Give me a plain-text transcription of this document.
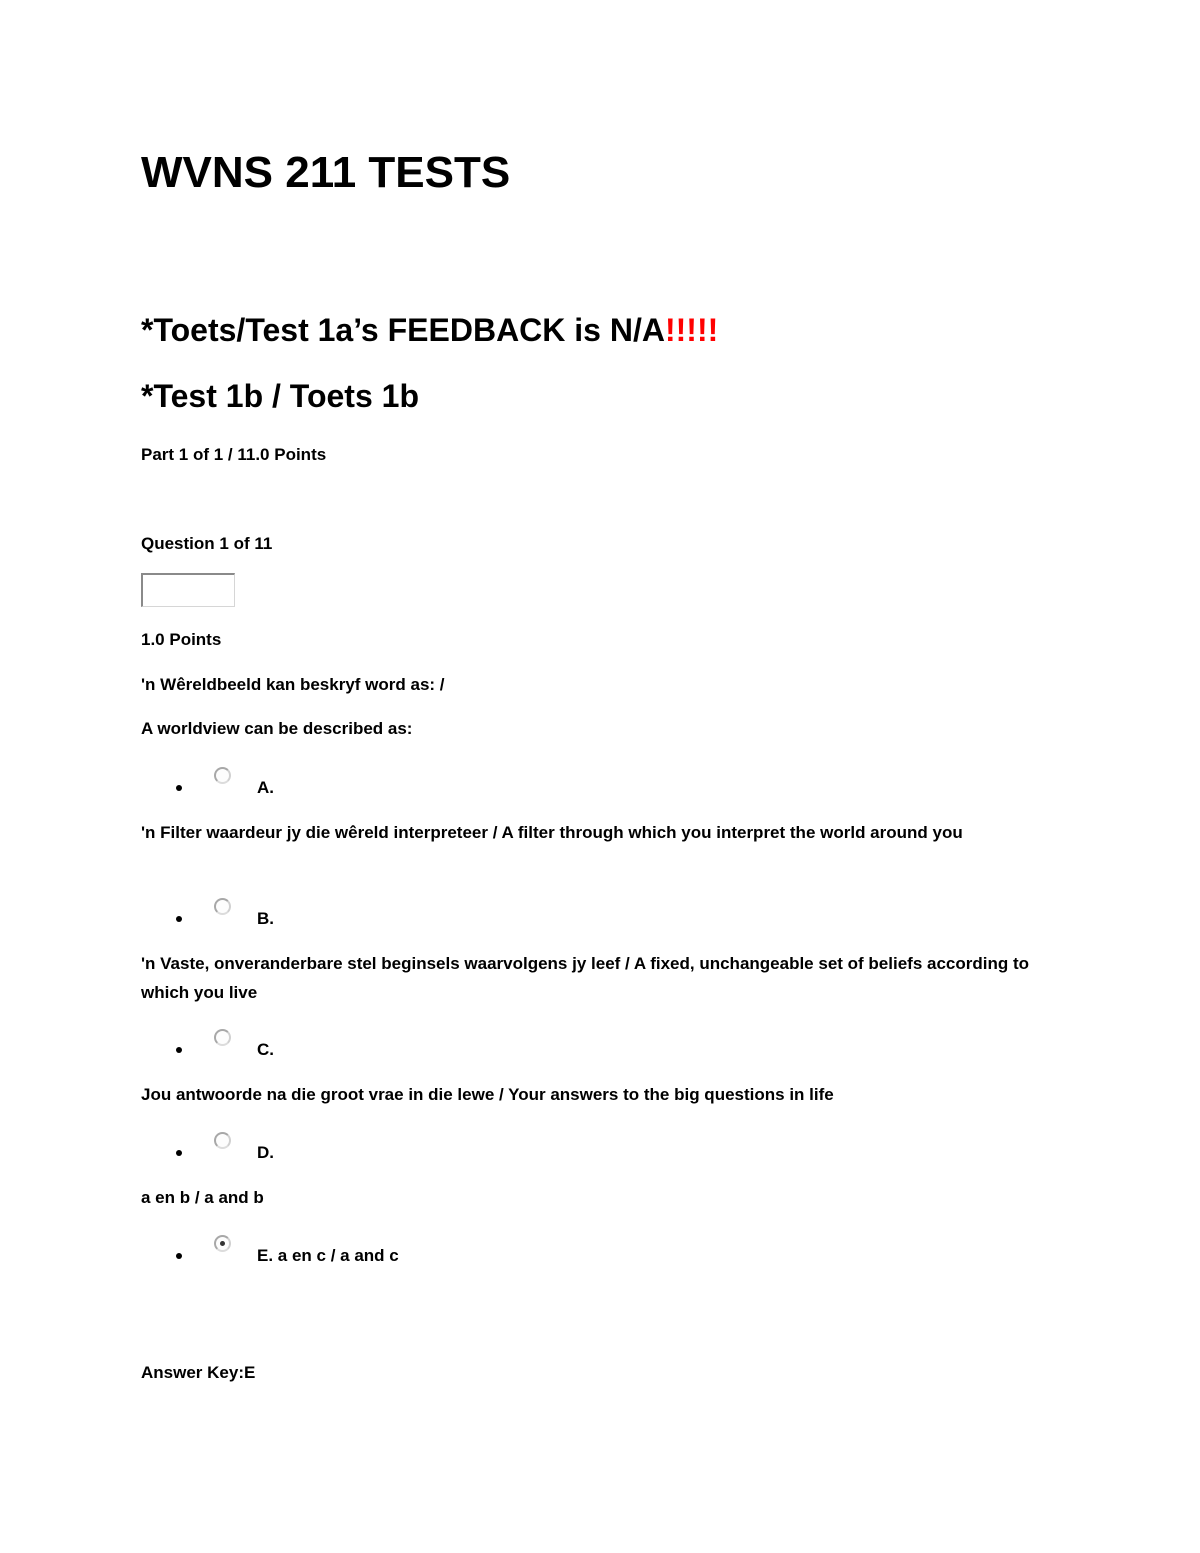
WVNS 211 TESTS
*Toets/Test 1a’s FEEDBACK is N/A!!!!!
*Test 1b / Toets 1b
Part 1 of 1 / 11.0 Points
Question 1 of 11
1.0 Points
'n Wêreldbeeld kan beskryf word as: /
A worldview can be described as:
A.
'n Filter waardeur jy die wêreld interpreteer / A filter through which you interpret the world around you
B.
'n Vaste, onveranderbare stel beginsels waarvolgens jy leef / A fixed, unchangeable set of beliefs according to which you live
C.
Jou antwoorde na die groot vrae in die lewe / Your answers to the big questions in life
D.
a en b / a and b
E. a en c / a and c
Answer Key:E
